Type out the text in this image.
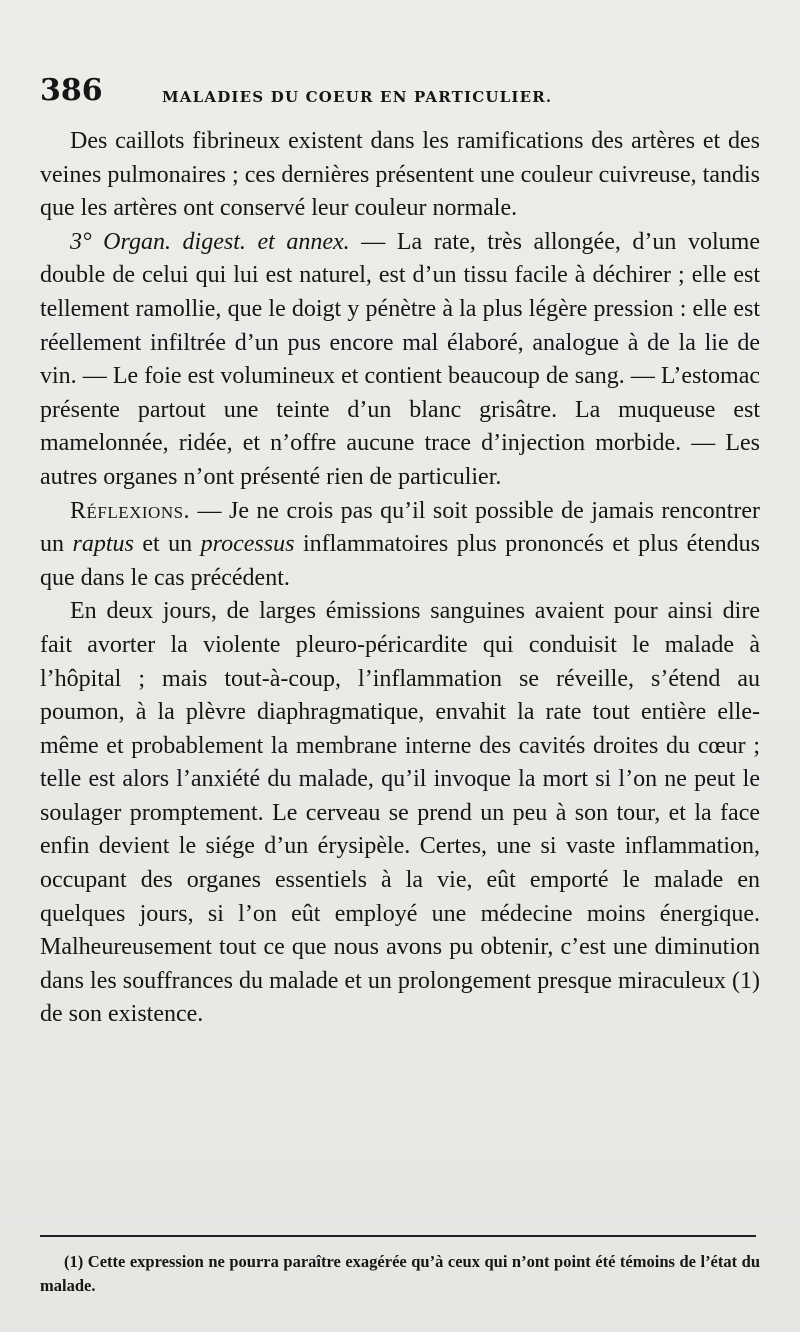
386	MALADIES DU COEUR EN PARTICULIER.

Des caillots fibrineux existent dans les ramifications des artères et des veines pulmonaires ; ces dernières présentent une couleur cuivreuse, tandis que les artères ont conservé leur couleur normale.

3° Organ. digest. et annex. — La rate, très allongée, d’un volume double de celui qui lui est naturel, est d’un tissu facile à déchirer ; elle est tellement ramollie, que le doigt y pénètre à la plus légère pression : elle est réellement infiltrée d’un pus encore mal élaboré, analogue à de la lie de vin. — Le foie est volumineux et contient beaucoup de sang. — L’estomac présente partout une teinte d’un blanc grisâtre. La muqueuse est mamelonnée, ridée, et n’offre aucune trace d’injection morbide. — Les autres organes n’ont présenté rien de particulier.

Réflexions. — Je ne crois pas qu’il soit possible de jamais rencontrer un raptus et un processus inflammatoires plus prononcés et plus étendus que dans le cas précédent.

En deux jours, de larges émissions sanguines avaient pour ainsi dire fait avorter la violente pleuro-péricardite qui conduisit le malade à l’hôpital ; mais tout-à-coup, l’inflammation se réveille, s’étend au poumon, à la plèvre diaphragmatique, envahit la rate tout entière elle-même et probablement la membrane interne des cavités droites du cœur ; telle est alors l’anxiété du malade, qu’il invoque la mort si l’on ne peut le soulager promptement. Le cerveau se prend un peu à son tour, et la face enfin devient le siége d’un érysipèle. Certes, une si vaste inflammation, occupant des organes essentiels à la vie, eût emporté le malade en quelques jours, si l’on eût employé une médecine moins énergique. Malheureusement tout ce que nous avons pu obtenir, c’est une diminution dans les souffrances du malade et un prolongement presque miraculeux (1) de son existence.

(1) Cette expression ne pourra paraître exagérée qu’à ceux qui n’ont point été témoins de l’état du malade.
